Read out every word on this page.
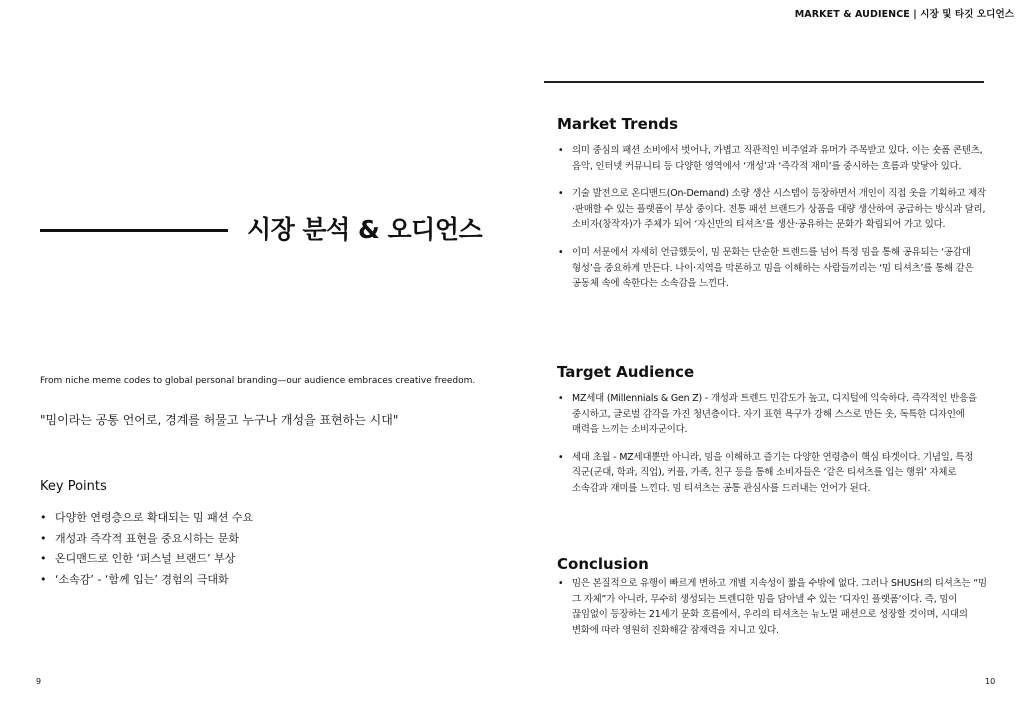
MARKET & AUDIENCE | 시장 및 타깃 오디언스
시장 분석 & 오디언스
From niche meme codes to global personal branding—our audience embraces creative freedom.
"밈이라는 공통 언어로, 경계를 허물고 누구나 개성을 표현하는 시대"
Key Points
• 다양한 연령층으로 확대되는 밈 패션 수요
• 개성과 즉각적 표현을 중요시하는 문화
• 온디맨드로 인한 ‘퍼스널 브랜드’ 부상
• ‘소속감’ - ‘함께 입는’ 경험의 극대화
9
Market Trends
• 의미 중심의 패션 소비에서 벗어나, 가볍고 직관적인 비주얼과 유머가 주목받고 있다. 이는 숏폼 콘텐츠, 음악, 인터넷 커뮤니티 등 다양한 영역에서 ‘개성’과 ‘즉각적 재미’를 중시하는 흐름과 맞닿아 있다.
• 기술 발전으로 온디맨드(On-Demand) 소량 생산 시스템이 등장하면서 개인이 직접 옷을 기획하고 제작·판매할 수 있는 플랫폼이 부상 중이다. 전통 패션 브랜드가 상품을 대량 생산하여 공급하는 방식과 달리, 소비자(창작자)가 주체가 되어 ‘자신만의 티셔츠’를 생산·공유하는 문화가 확립되어 가고 있다.
• 이미 서문에서 자세히 언급했듯이, 밈 문화는 단순한 트렌드를 넘어 특정 밈을 통해 공유되는 ‘공감대 형성’을 중요하게 만든다. 나이·지역을 막론하고 밈을 이해하는 사람들끼리는 ‘밈 티셔츠’를 통해 같은 공동체 속에 속한다는 소속감을 느낀다.
Target Audience
• MZ세대 (Millennials & Gen Z) - 개성과 트렌드 민감도가 높고, 디지털에 익숙하다. 즉각적인 반응을 중시하고, 글로벌 감각을 가진 청년층이다. 자기 표현 욕구가 강해 스스로 만든 옷, 독특한 디자인에 매력을 느끼는 소비자군이다.
• 세대 초월 - MZ세대뿐만 아니라, 밈을 이해하고 즐기는 다양한 연령층이 핵심 타겟이다. 기념일, 특정 직군(군대, 학과, 직업), 커플, 가족, 친구 등을 통해 소비자들은 ‘같은 티셔츠를 입는 행위’ 자체로 소속감과 재미를 느낀다. 밈 티셔츠는 공통 관심사를 드러내는 언어가 된다.
Conclusion
• 밈은 본질적으로 유행이 빠르게 변하고 개별 지속성이 짧을 수밖에 없다. 그러나 SHUSH의 티셔츠는 “밈 그 자체”가 아니라, 무수히 생성되는 트렌디한 밈을 담아낼 수 있는 ‘디자인 플랫폼’이다. 즉, 밈이 끊임없이 등장하는 21세기 문화 흐름에서, 우리의 티셔츠는 뉴노멀 패션으로 성장할 것이며, 시대의 변화에 따라 영원히 진화해갈 잠재력을 지니고 있다.
10
